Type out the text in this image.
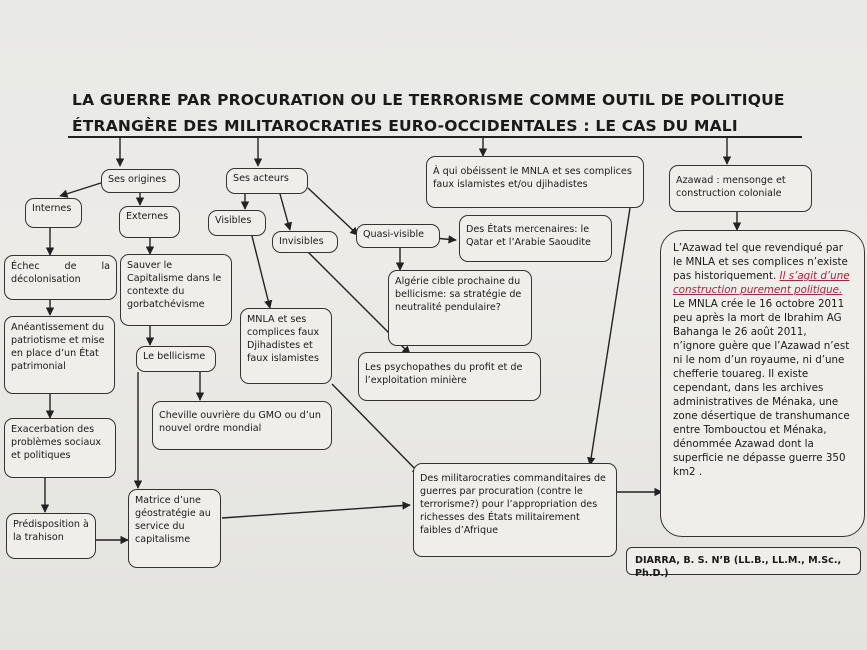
LA GUERRE PAR PROCURATION OU LE TERRORISME COMME OUTIL DE POLITIQUE
ÉTRANGÈRE DES MILITAROCRATIES EURO-OCCIDENTALES : LE CAS DU MALI
Ses origines
Internes
Externes
Échec de la décolonisation
Anéantissement du patriotisme et mise en place d’un État patrimonial
Exacerbation des problèmes sociaux et politiques
Prédisposition à la trahison
Sauver le Capitalisme dans le contexte du gorbatchévisme
Le bellicisme
Cheville ouvrière du GMO ou d’un nouvel ordre mondial
Matrice d’une géostratégie au service du capitalisme
Ses acteurs
Visibles
Invisibles
Quasi-visible
MNLA et ses complices faux Djihadistes et faux islamistes
Des États mercenaires: le Qatar et l’Arabie Saoudite
Algérie cible prochaine du bellicisme: sa stratégie de neutralité pendulaire?
Les psychopathes du profit et de l’exploitation minière
À qui obéissent le MNLA et ses complices faux islamistes et/ou djihadistes
Des militarocraties commanditaires de guerres par procuration (contre le terrorisme?) pour l’appropriation des richesses des États militairement faibles d’Afrique
Azawad : mensonge et construction coloniale
L’Azawad tel que revendiqué par le MNLA et ses complices n’existe pas historiquement. Il s’agit d’une construction purement politique. Le MNLA crée le 16 octobre 2011 peu après la mort de Ibrahim AG Bahanga le 26 août 2011, n’ignore guère que l’Azawad n’est ni le nom d’un royaume, ni d’une chefferie touareg. Il existe cependant, dans les archives administratives de Ménaka, une zone désertique de transhumance entre Tombouctou et Ménaka, dénommée Azawad dont la superficie ne dépasse guerre 350 km2 .
DIARRA, B. S. N’B (LL.B., LL.M., M.Sc., Ph.D.)
